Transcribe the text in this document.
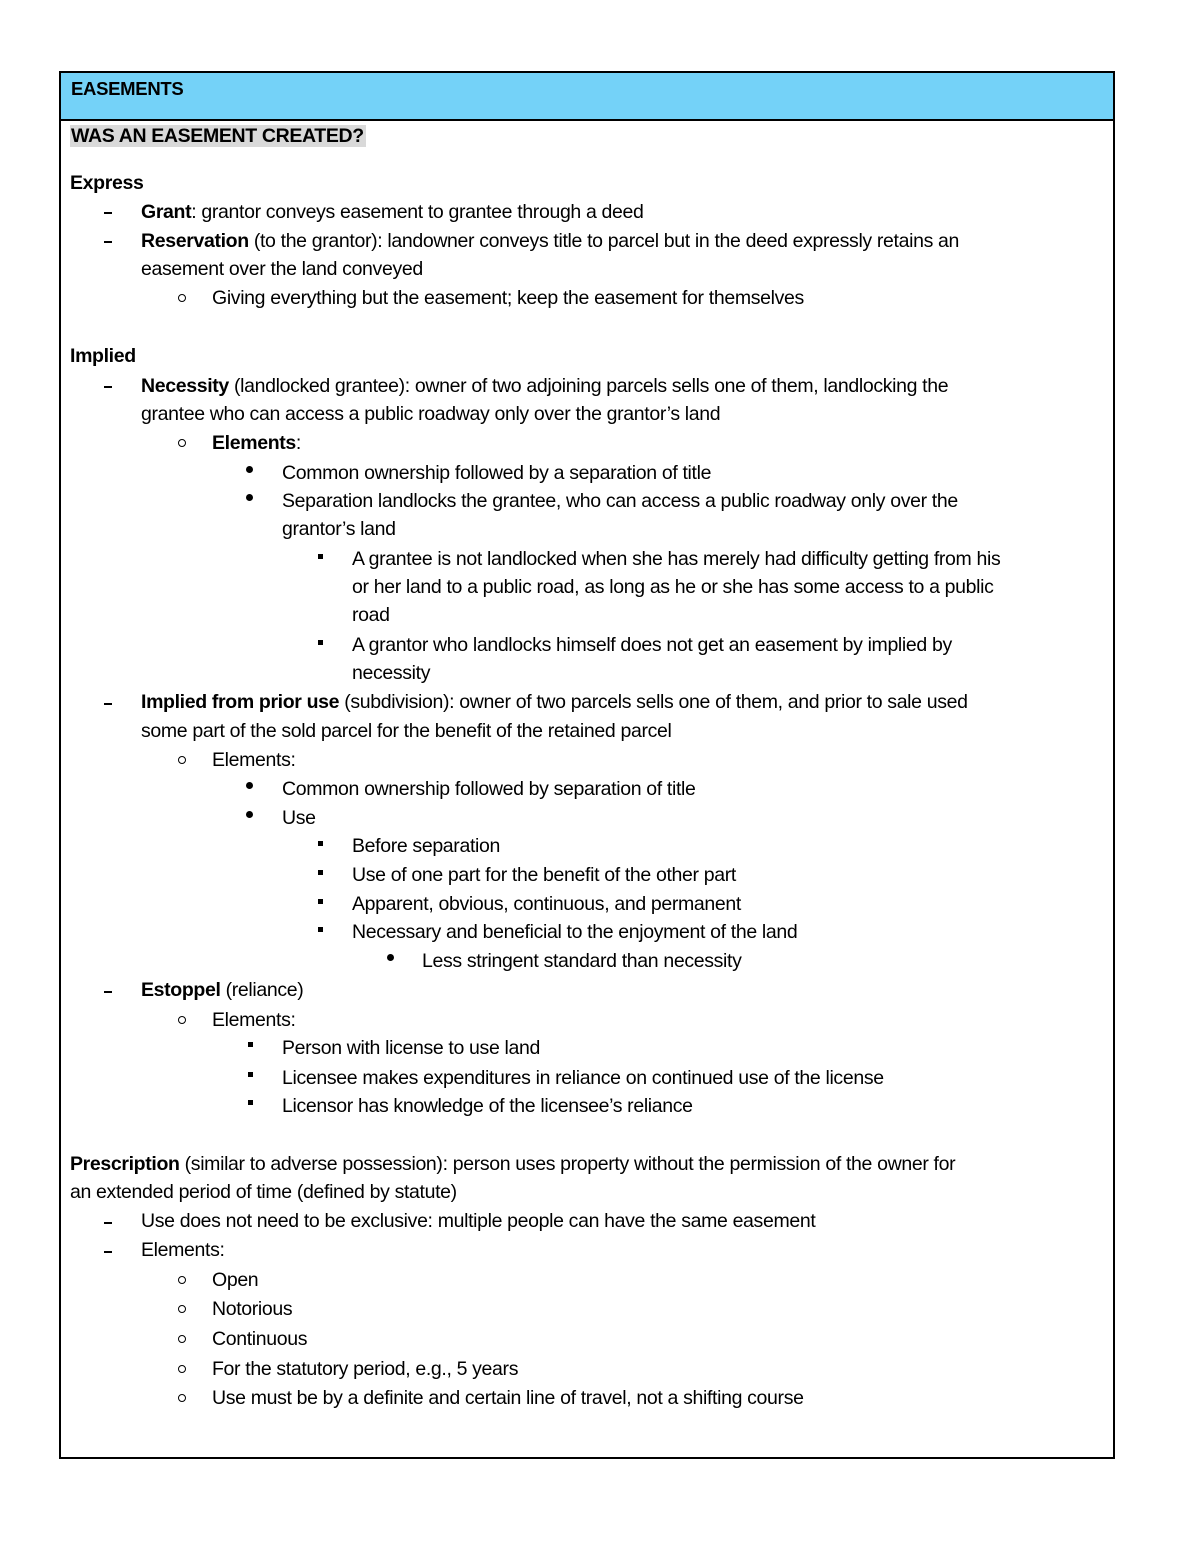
EASEMENTS
WAS AN EASEMENT CREATED?
Express
Grant: grantor conveys easement to grantee through a deed
Reservation (to the grantor): landowner conveys title to parcel but in the deed expressly retains an
easement over the land conveyed
Giving everything but the easement; keep the easement for themselves
Implied
Necessity (landlocked grantee): owner of two adjoining parcels sells one of them, landlocking the
grantee who can access a public roadway only over the grantor’s land
Elements:
Common ownership followed by a separation of title
Separation landlocks the grantee, who can access a public roadway only over the
grantor’s land
A grantee is not landlocked when she has merely had difficulty getting from his
or her land to a public road, as long as he or she has some access to a public
road
A grantor who landlocks himself does not get an easement by implied by
necessity
Implied from prior use (subdivision): owner of two parcels sells one of them, and prior to sale used
some part of the sold parcel for the benefit of the retained parcel
Elements:
Common ownership followed by separation of title
Use
Before separation
Use of one part for the benefit of the other part
Apparent, obvious, continuous, and permanent
Necessary and beneficial to the enjoyment of the land
Less stringent standard than necessity
Estoppel (reliance)
Elements:
Person with license to use land
Licensee makes expenditures in reliance on continued use of the license
Licensor has knowledge of the licensee’s reliance
Prescription (similar to adverse possession): person uses property without the permission of the owner for
an extended period of time (defined by statute)
Use does not need to be exclusive: multiple people can have the same easement
Elements:
Open
Notorious
Continuous
For the statutory period, e.g., 5 years
Use must be by a definite and certain line of travel, not a shifting course
